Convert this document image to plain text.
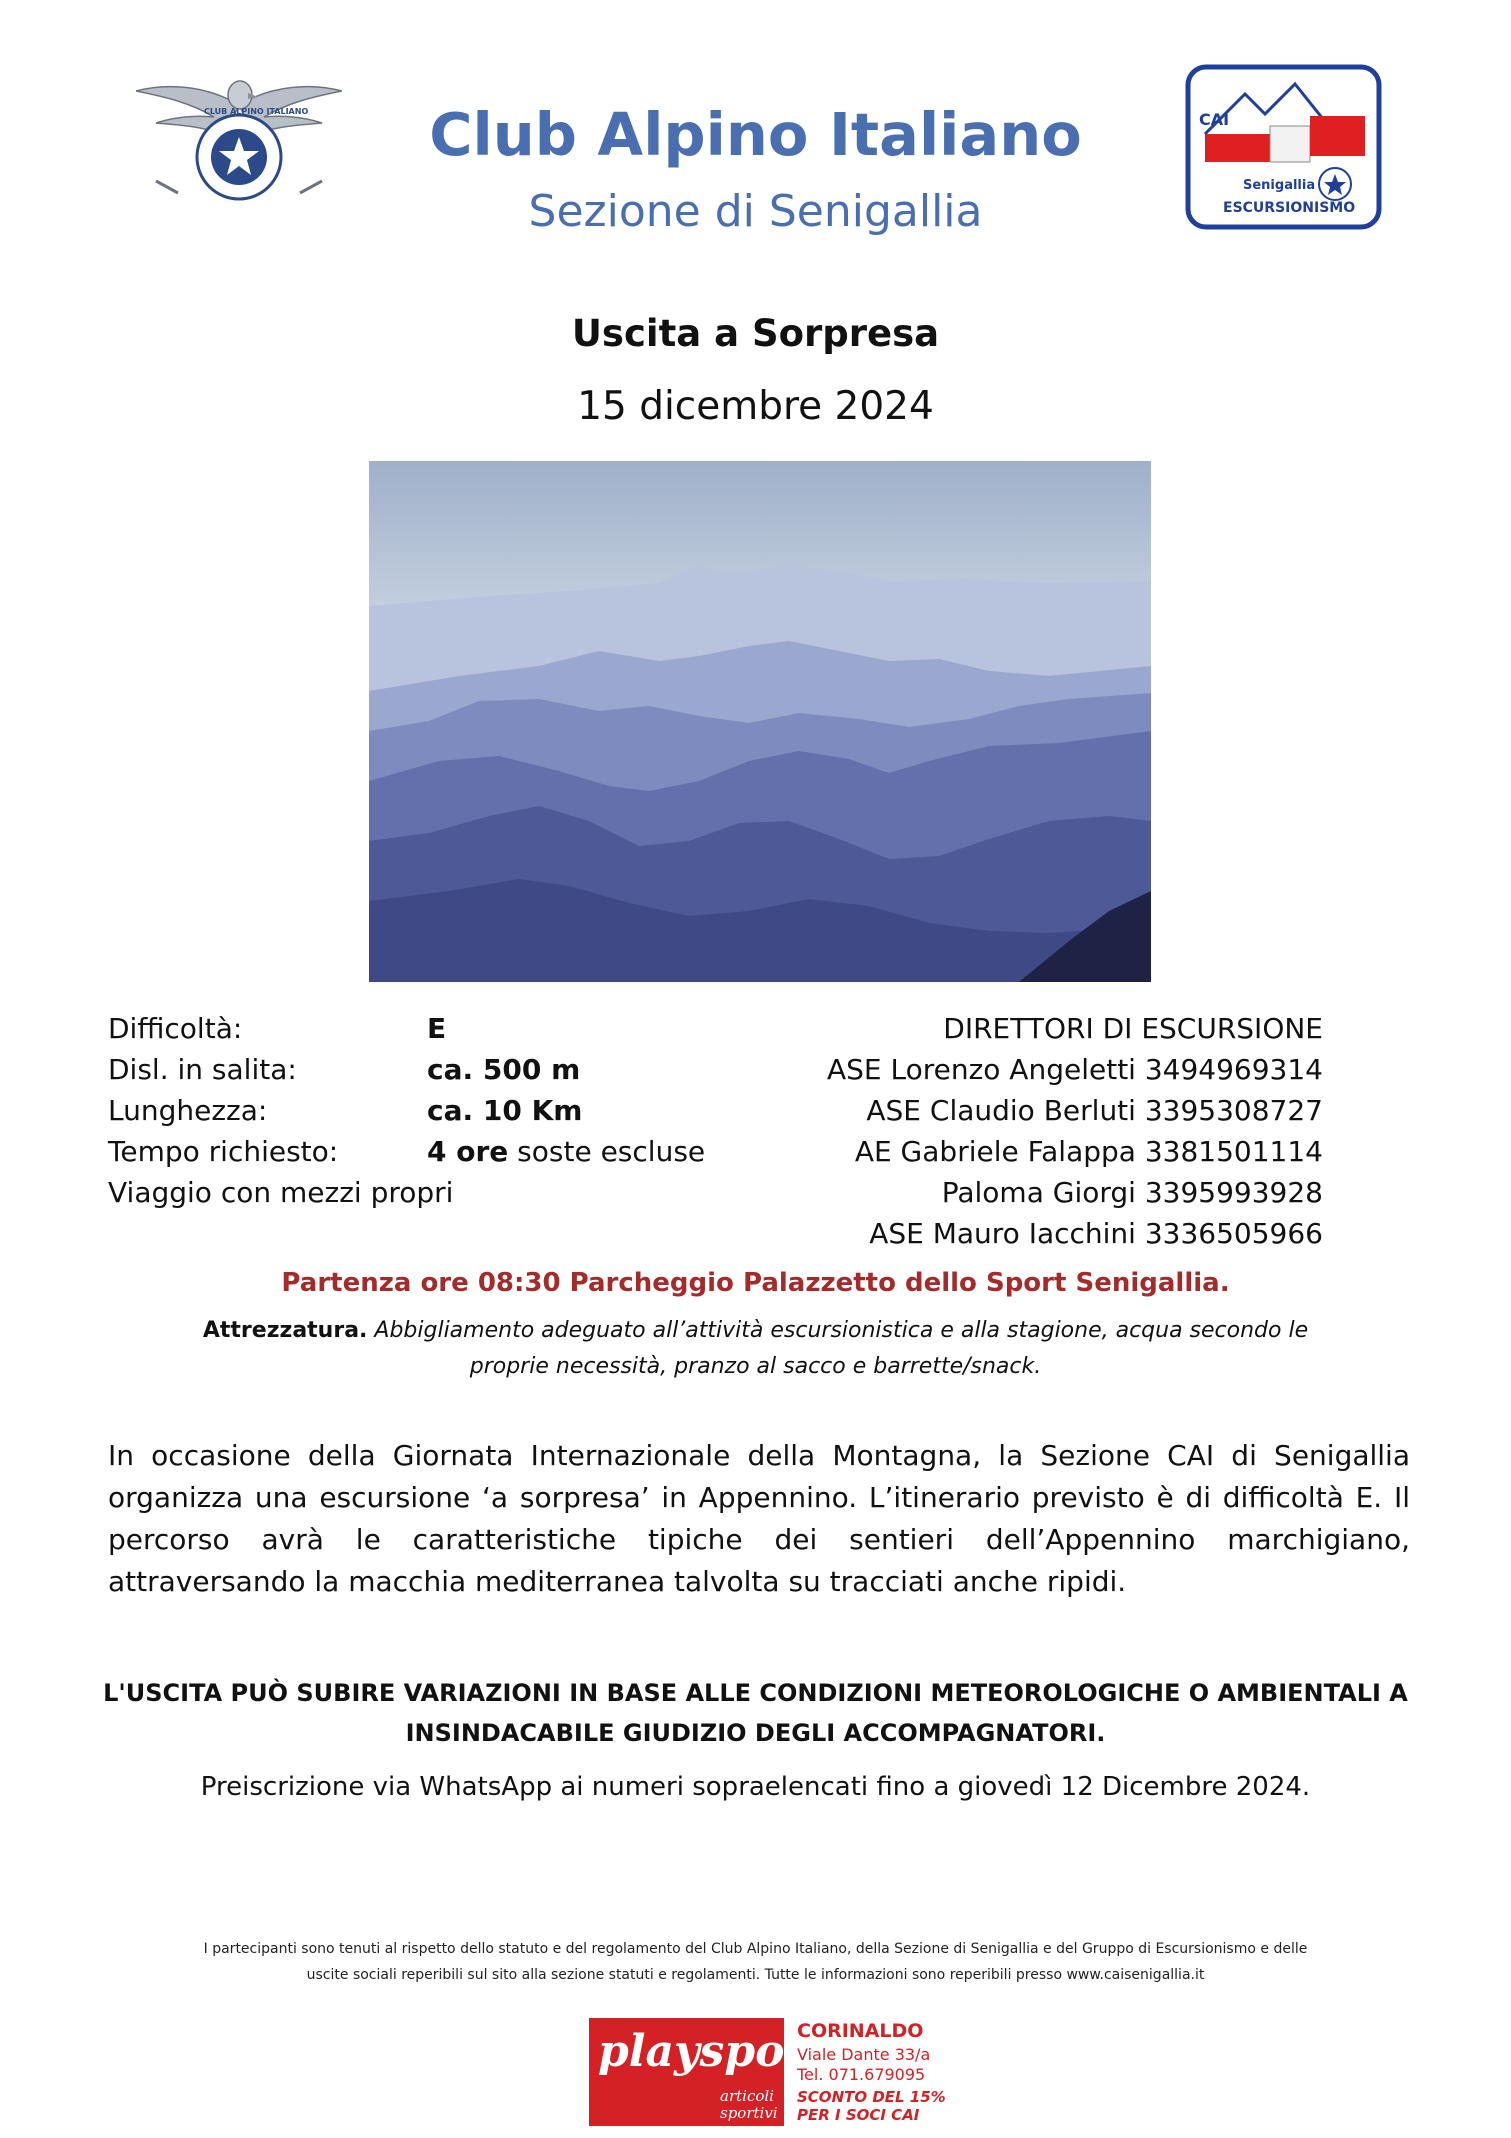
CLUB ALPINO ITALIANO	CAI
Senigallia
ESCURSIONISMO
Club Alpino Italiano
Sezione di Senigallia
Uscita a Sorpresa
15 dicembre 2024
Difficoltà:	E
Disl. in salita:	ca. 500 m
Lunghezza:	ca. 10 Km
Tempo richiesto:	4 ore soste escluse
Viaggio con mezzi propri
DIRETTORI DI ESCURSIONE
ASE Lorenzo Angeletti 3494969314
ASE Claudio Berluti 3395308727
AE Gabriele Falappa 3381501114
Paloma Giorgi 3395993928
ASE Mauro Iacchini 3336505966
Partenza ore 08:30 Parcheggio Palazzetto dello Sport Senigallia.
Attrezzatura. Abbigliamento adeguato all’attività escursionistica e alla stagione, acqua secondo le
proprie necessità, pranzo al sacco e barrette/snack.

In occasione della Giornata Internazionale della Montagna, la Sezione CAI di Senigallia organizza una escursione ‘a sorpresa’ in Appennino. L’itinerario previsto è di difficoltà E. Il percorso avrà le caratteristiche tipiche dei sentieri dell’Appennino marchigiano, attraversando la macchia mediterranea talvolta su tracciati anche ripidi.

L'USCITA PUÒ SUBIRE VARIAZIONI IN BASE ALLE CONDIZIONI METEOROLOGICHE O AMBIENTALI A
INSINDACABILE GIUDIZIO DEGLI ACCOMPAGNATORI.
Preiscrizione via WhatsApp ai numeri sopraelencati fino a giovedì 12 Dicembre 2024.
I partecipanti sono tenuti al rispetto dello statuto e del regolamento del Club Alpino Italiano, della Sezione di Senigallia e del Gruppo di Escursionismo e delle
uscite sociali reperibili sul sito alla sezione statuti e regolamenti. Tutte le informazioni sono reperibili presso www.caisenigallia.it
playsport
articoli
sportivi
CORINALDO
Viale Dante 33/a
Tel. 071.679095
SCONTO DEL 15%
PER I SOCI CAI
